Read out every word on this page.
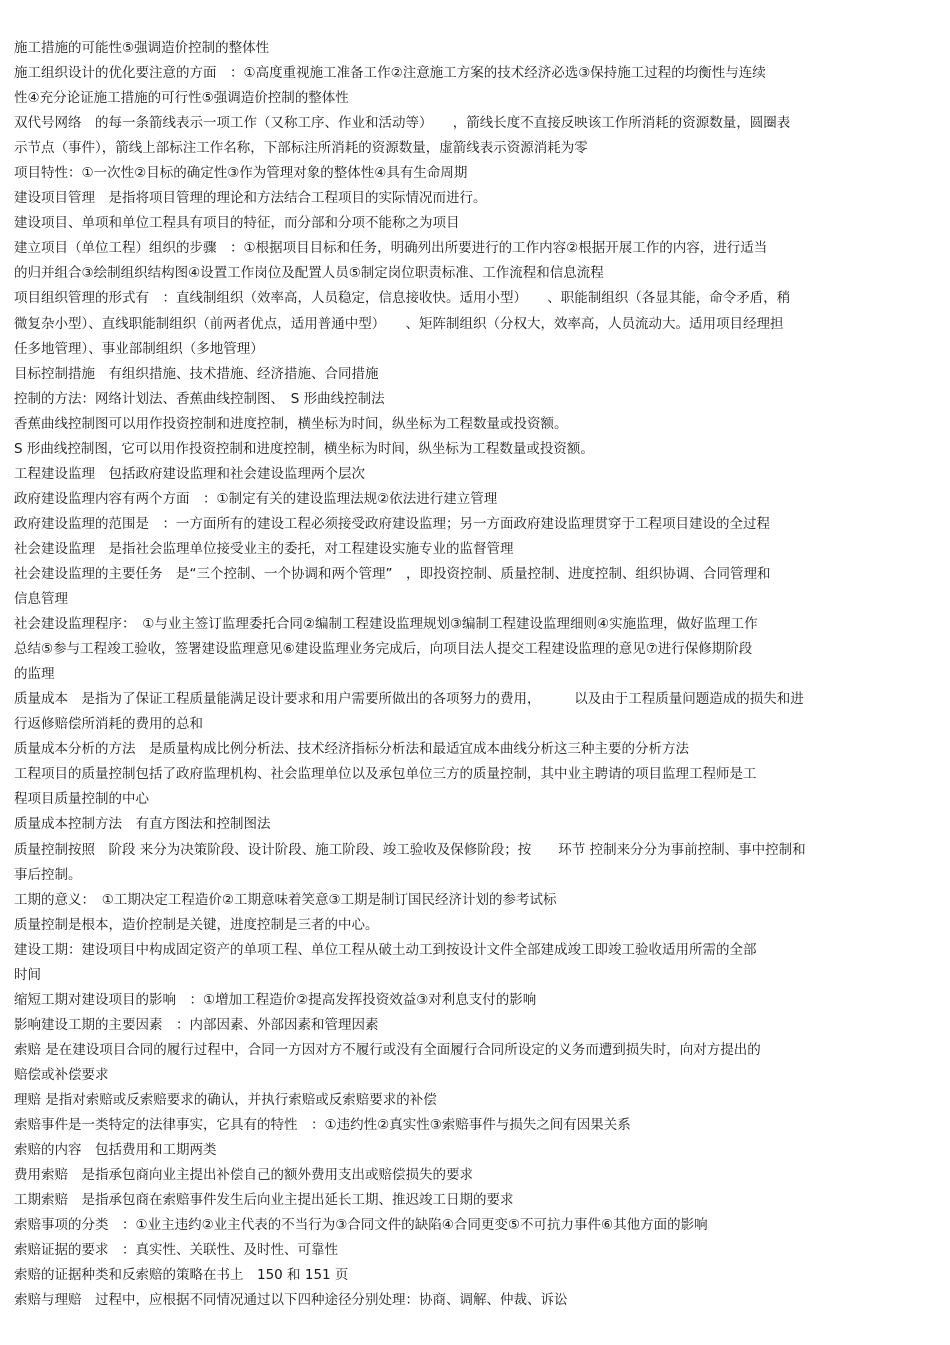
施工措施的可能性⑤强调造价控制的整体性
施工组织设计的优化要注意的方面　：①高度重视施工准备工作②注意施工方案的技术经济必选③保持施工过程的均衡性与连续
性④充分论证施工措施的可行性⑤强调造价控制的整体性
双代号网络　的每一条箭线表示一项工作（又称工序、作业和活动等）　　，箭线长度不直接反映该工作所消耗的资源数量，圆圈表
示节点（事件），箭线上部标注工作名称，下部标注所消耗的资源数量，虚箭线表示资源消耗为零
项目特性：①一次性②目标的确定性③作为管理对象的整体性④具有生命周期
建设项目管理　是指将项目管理的理论和方法结合工程项目的实际情况而进行。
建设项目、单项和单位工程具有项目的特征，而分部和分项不能称之为项目
建立项目（单位工程）组织的步骤　：①根据项目目标和任务，明确列出所要进行的工作内容②根据开展工作的内容，进行适当
的归并组合③绘制组织结构图④设置工作岗位及配置人员⑤制定岗位职责标准、工作流程和信息流程
项目组织管理的形式有　：直线制组织（效率高，人员稳定，信息接收快。适用小型）　　、职能制组织（各显其能，命令矛盾，稍
微复杂小型）、直线职能制组织（前两者优点，适用普通中型）　　、矩阵制组织（分权大，效率高，人员流动大。适用项目经理担
任多地管理）、事业部制组织（多地管理）
目标控制措施　有组织措施、技术措施、经济措施、合同措施
控制的方法：网络计划法、香蕉曲线控制图、　S 形曲线控制法
香蕉曲线控制图可以用作投资控制和进度控制，横坐标为时间，纵坐标为工程数量或投资额。
S 形曲线控制图，它可以用作投资控制和进度控制，横坐标为时间，纵坐标为工程数量或投资额。
工程建设监理　包括政府建设监理和社会建设监理两个层次
政府建设监理内容有两个方面　：①制定有关的建设监理法规②依法进行建立管理
政府建设监理的范围是　：一方面所有的建设工程必须接受政府建设监理；另一方面政府建设监理贯穿于工程项目建设的全过程
社会建设监理　是指社会监理单位接受业主的委托，对工程建设实施专业的监督管理
社会建设监理的主要任务　是“三个控制、一个协调和两个管理”　，即投资控制、质量控制、进度控制、组织协调、合同管理和
信息管理
社会建设监理程序：　①与业主签订监理委托合同②编制工程建设监理规划③编制工程建设监理细则④实施监理，做好监理工作
总结⑤参与工程竣工验收，签署建设监理意见⑥建设监理业务完成后，向项目法人提交工程建设监理的意见⑦进行保修期阶段
的监理
质量成本　是指为了保证工程质量能满足设计要求和用户需要所做出的各项努力的费用，　　　以及由于工程质量问题造成的损失和进
行返修赔偿所消耗的费用的总和
质量成本分析的方法　是质量构成比例分析法、技术经济指标分析法和最适宜成本曲线分析这三种主要的分析方法
工程项目的质量控制包括了政府监理机构、社会监理单位以及承包单位三方的质量控制，其中业主聘请的项目监理工程师是工
程项目质量控制的中心
质量成本控制方法　有直方图法和控制图法
质量控制按照　阶段 来分为决策阶段、设计阶段、施工阶段、竣工验收及保修阶段；按　　环节 控制来分分为事前控制、事中控制和
事后控制。
工期的意义：　①工期决定工程造价②工期意味着笑意③工期是制订国民经济计划的参考试标
质量控制是根本，造价控制是关键，进度控制是三者的中心。
建设工期：建设项目中构成固定资产的单项工程、单位工程从破土动工到按设计文件全部建成竣工即竣工验收适用所需的全部
时间
缩短工期对建设项目的影响　：①增加工程造价②提高发挥投资效益③对利息支付的影响
影响建设工期的主要因素　：内部因素、外部因素和管理因素
索赔 是在建设项目合同的履行过程中，合同一方因对方不履行或没有全面履行合同所设定的义务而遭到损失时，向对方提出的
赔偿或补偿要求
理赔 是指对索赔或反索赔要求的确认，并执行索赔或反索赔要求的补偿
索赔事件是一类特定的法律事实，它具有的特性　：①违约性②真实性③索赔事件与损失之间有因果关系
索赔的内容　包括费用和工期两类
费用索赔　是指承包商向业主提出补偿自己的额外费用支出或赔偿损失的要求
工期索赔　是指承包商在索赔事件发生后向业主提出延长工期、推迟竣工日期的要求
索赔事项的分类　：①业主违约②业主代表的不当行为③合同文件的缺陷④合同更变⑤不可抗力事件⑥其他方面的影响
索赔证据的要求　：真实性、关联性、及时性、可靠性
索赔的证据种类和反索赔的策略在书上　150 和 151 页
索赔与理赔　过程中，应根据不同情况通过以下四种途径分别处理：协商、调解、仲裁、诉讼
